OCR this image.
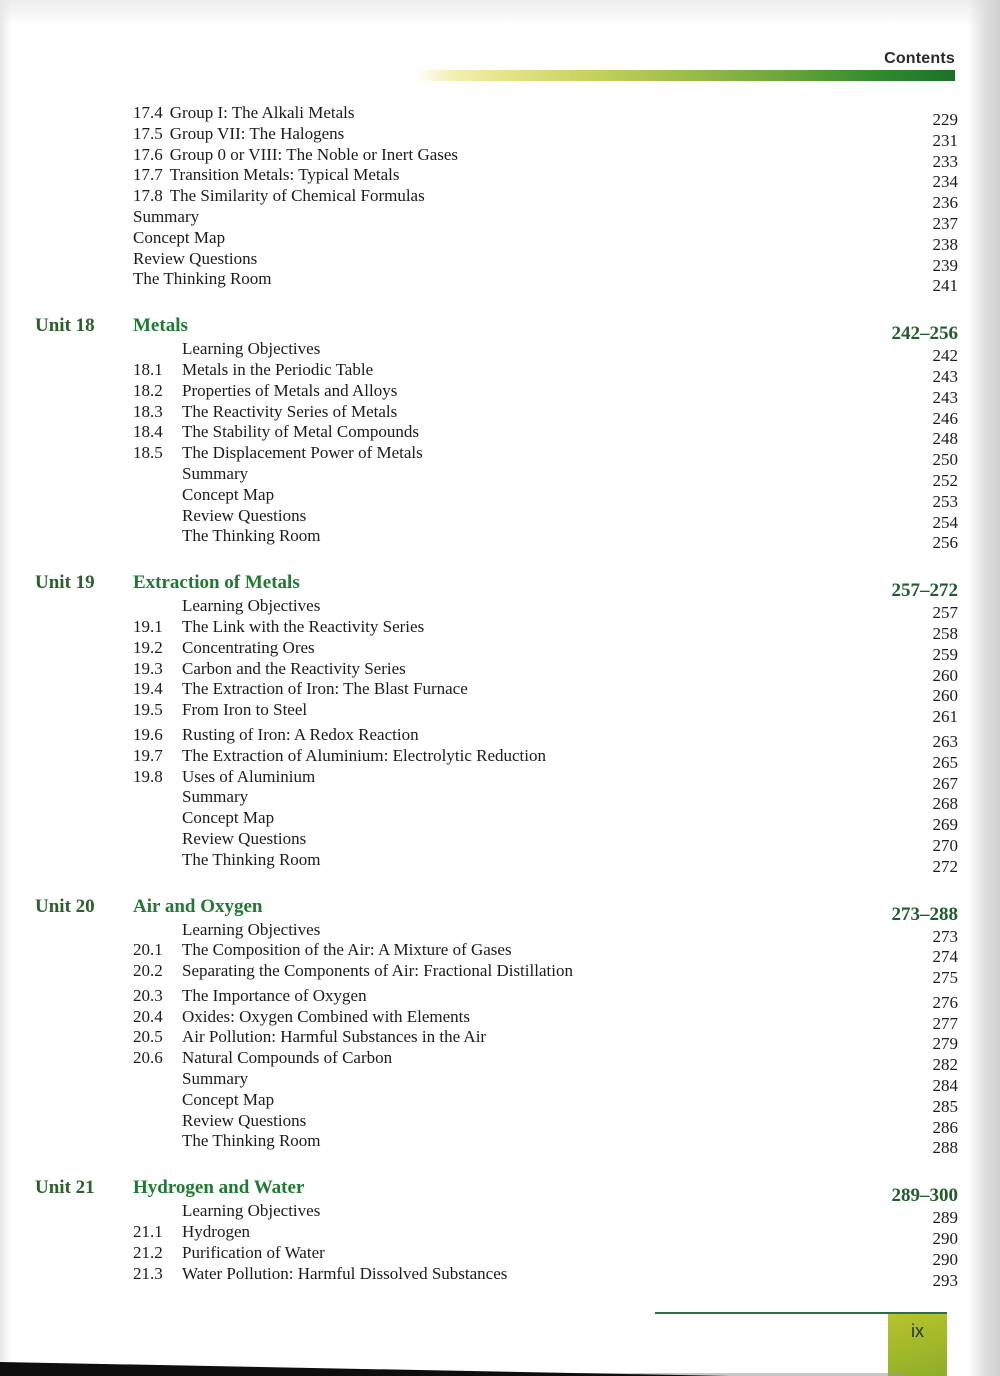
Contents
17.4 Group I: The Alkali Metals	229
17.5 Group VII: The Halogens	231
17.6 Group 0 or VIII: The Noble or Inert Gases	233
17.7 Transition Metals: Typical Metals	234
17.8 The Similarity of Chemical Formulas	236
Summary	237
Concept Map	238
Review Questions	239
The Thinking Room	241
Unit 18	Metals	242–256
Learning Objectives	242
18.1	Metals in the Periodic Table	243
18.2	Properties of Metals and Alloys	243
18.3	The Reactivity Series of Metals	246
18.4	The Stability of Metal Compounds	248
18.5	The Displacement Power of Metals	250
Summary	252
Concept Map	253
Review Questions	254
The Thinking Room	256
Unit 19	Extraction of Metals	257–272
Learning Objectives	257
19.1	The Link with the Reactivity Series	258
19.2	Concentrating Ores	259
19.3	Carbon and the Reactivity Series	260
19.4	The Extraction of Iron: The Blast Furnace	260
19.5	From Iron to Steel	261
19.6	Rusting of Iron: A Redox Reaction	263
19.7	The Extraction of Aluminium: Electrolytic Reduction	265
19.8	Uses of Aluminium	267
Summary	268
Concept Map	269
Review Questions	270
The Thinking Room	272
Unit 20	Air and Oxygen	273–288
Learning Objectives	273
20.1	The Composition of the Air: A Mixture of Gases	274
20.2	Separating the Components of Air: Fractional Distillation	275
20.3	The Importance of Oxygen	276
20.4	Oxides: Oxygen Combined with Elements	277
20.5	Air Pollution: Harmful Substances in the Air	279
20.6	Natural Compounds of Carbon	282
Summary	284
Concept Map	285
Review Questions	286
The Thinking Room	288
Unit 21	Hydrogen and Water	289–300
Learning Objectives	289
21.1	Hydrogen	290
21.2	Purification of Water	290
21.3	Water Pollution: Harmful Dissolved Substances	293
ix
